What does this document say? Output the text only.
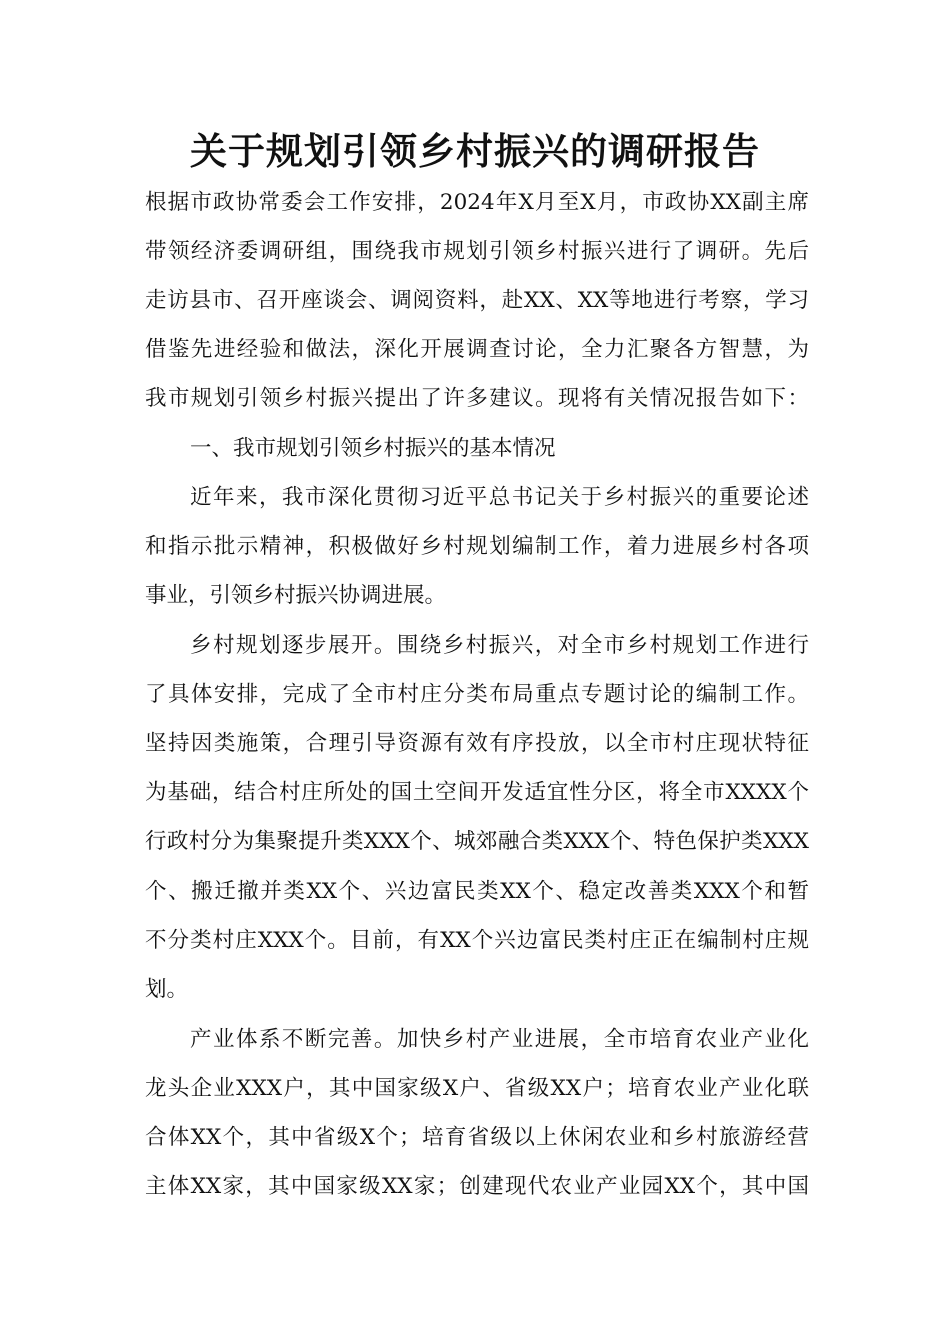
关于规划引领乡村振兴的调研报告
根据市政协常委会工作安排，2024年X月至X月，市政协XX副主席
带领经济委调研组，围绕我市规划引领乡村振兴进行了调研。先后
走访县市、召开座谈会、调阅资料，赴XX、XX等地进行考察，学习
借鉴先进经验和做法，深化开展调查讨论，全力汇聚各方智慧，为
我市规划引领乡村振兴提出了许多建议。现将有关情况报告如下：
一、我市规划引领乡村振兴的基本情况
近年来，我市深化贯彻习近平总书记关于乡村振兴的重要论述
和指示批示精神，积极做好乡村规划编制工作，着力进展乡村各项
事业，引领乡村振兴协调进展。
乡村规划逐步展开。围绕乡村振兴，对全市乡村规划工作进行
了具体安排，完成了全市村庄分类布局重点专题讨论的编制工作。
坚持因类施策，合理引导资源有效有序投放，以全市村庄现状特征
为基础，结合村庄所处的国土空间开发适宜性分区，将全市XXXX个
行政村分为集聚提升类XXX个、城郊融合类XXX个、特色保护类XXX
个、搬迁撤并类XX个、兴边富民类XX个、稳定改善类XXX个和暂
不分类村庄XXX个。目前，有XX个兴边富民类村庄正在编制村庄规
划。
产业体系不断完善。加快乡村产业进展，全市培育农业产业化
龙头企业XXX户，其中国家级X户、省级XX户；培育农业产业化联
合体XX个，其中省级X个；培育省级以上休闲农业和乡村旅游经营
主体XX家，其中国家级XX家；创建现代农业产业园XX个，其中国
